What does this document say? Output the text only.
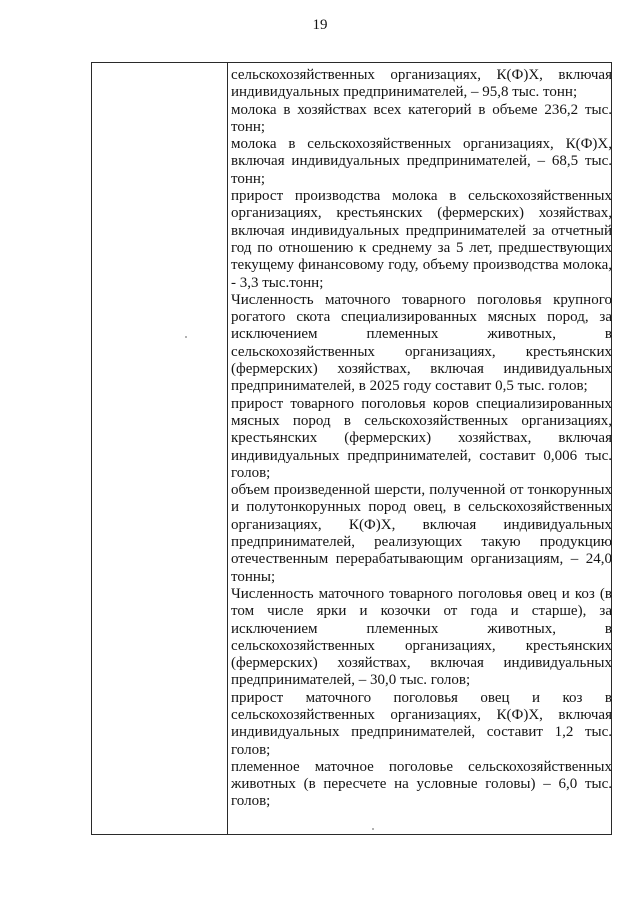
19

сельскохозяйственных организациях, К(Ф)Х, включая индивидуальных предпринимателей, – 95,8 тыс. тонн;

молока в хозяйствах всех категорий в объеме 236,2 тыс. тонн;

молока в сельскохозяйственных организациях, К(Ф)Х, включая индивидуальных предпринимателей, – 68,5 тыс. тонн;

прирост производства молока в сельскохозяйственных организациях, крестьянских (фермерских) хозяйствах, включая индивидуальных предпринимателей за отчетный год по отношению к среднему за 5 лет, предшествующих текущему финансовому году, объему производства молока, - 3,3 тыс.тонн;

Численность маточного товарного поголовья крупного рогатого скота специализированных мясных пород, за исключением племенных животных, в сельскохозяйственных организациях, крестьянских (фермерских) хозяйствах, включая индивидуальных предпринимателей, в 2025 году составит 0,5 тыс. голов;

прирост товарного поголовья коров специализированных мясных пород в сельскохозяйственных организациях, крестьянских (фермерских) хозяйствах, включая индивидуальных предпринимателей, составит 0,006 тыс. голов;

объем произведенной шерсти, полученной от тонкорунных и полутонкорунных пород овец, в сельскохозяйственных организациях, К(Ф)Х, включая индивидуальных предпринимателей, реализующих такую продукцию отечественным перерабатывающим организациям, – 24,0 тонны;

Численность маточного товарного поголовья овец и коз (в том числе ярки и козочки от года и старше), за исключением племенных животных, в сельскохозяйственных организациях, крестьянских (фермерских) хозяйствах, включая индивидуальных предпринимателей, – 30,0 тыс. голов;

прирост маточного поголовья овец и коз в сельскохозяйственных организациях, К(Ф)Х, включая индивидуальных предпринимателей, составит 1,2 тыс. голов;

племенное маточное поголовье сельскохозяйственных животных (в пересчете на условные головы) – 6,0 тыс. голов;
